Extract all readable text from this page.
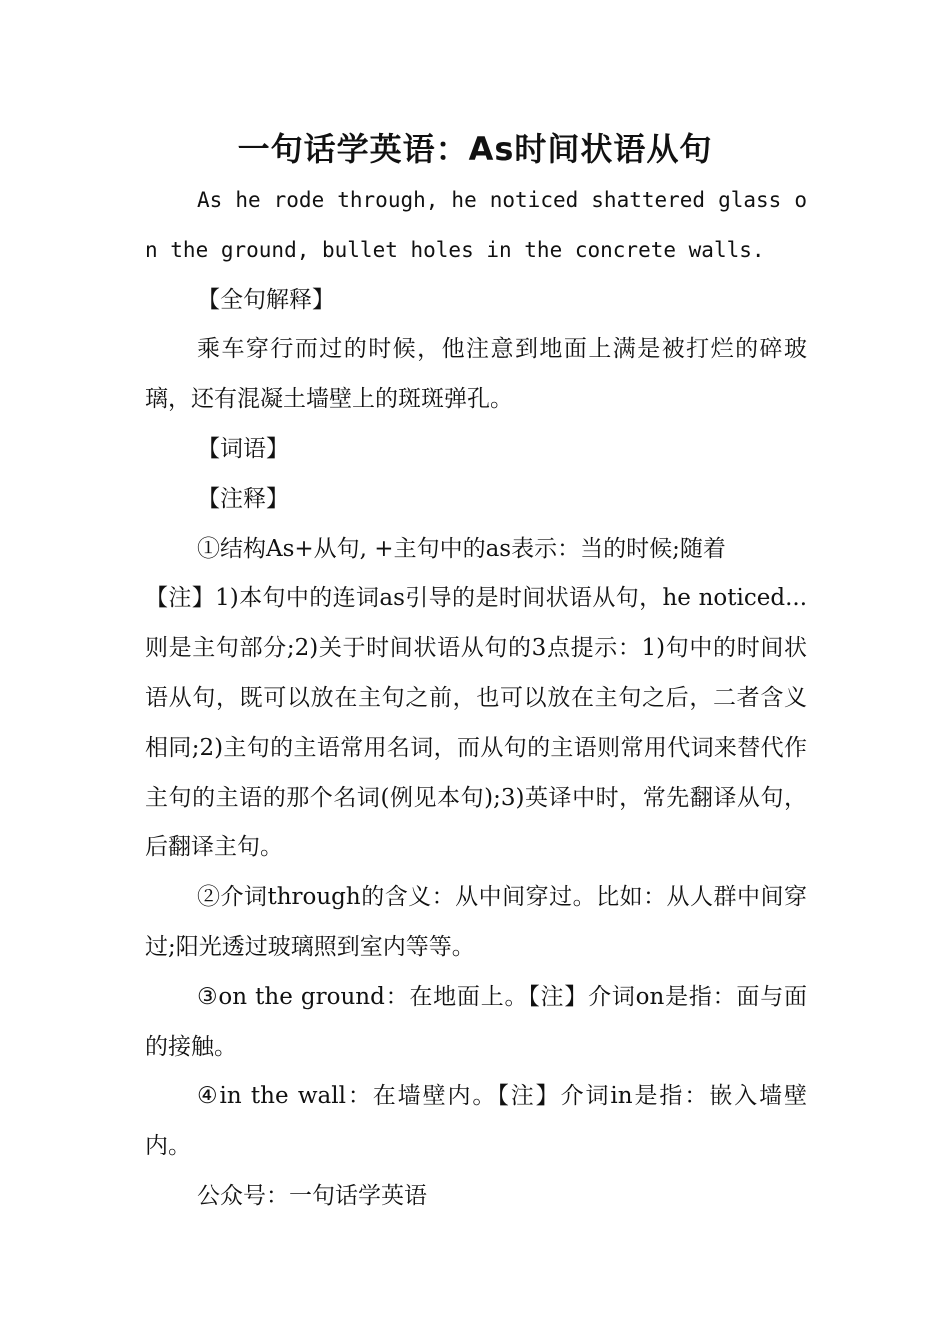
一句话学英语：As时间状语从句

As he rode through, he noticed shattered glass on the ground, bullet holes in the concrete walls.

【全句解释】

乘车穿行而过的时候，他注意到地面上满是被打烂的碎玻璃，还有混凝土墙壁上的斑斑弹孔。

【词语】

【注释】

①结构As+从句, +主句中的as表示：当的时候;随着

【注】1)本句中的连词as引导的是时间状语从句，he noticed...则是主句部分;2)关于时间状语从句的3点提示：1)句中的时间状语从句，既可以放在主句之前，也可以放在主句之后，二者含义相同;2)主句的主语常用名词，而从句的主语则常用代词来替代作主句的主语的那个名词(例见本句);3)英译中时，常先翻译从句，后翻译主句。

②介词through的含义：从中间穿过。比如：从人群中间穿过;阳光透过玻璃照到室内等等。

③on the ground：在地面上。【注】介词on是指：面与面的接触。

④in the wall：在墙壁内。【注】介词in是指：嵌入墙壁内。

公众号：一句话学英语
